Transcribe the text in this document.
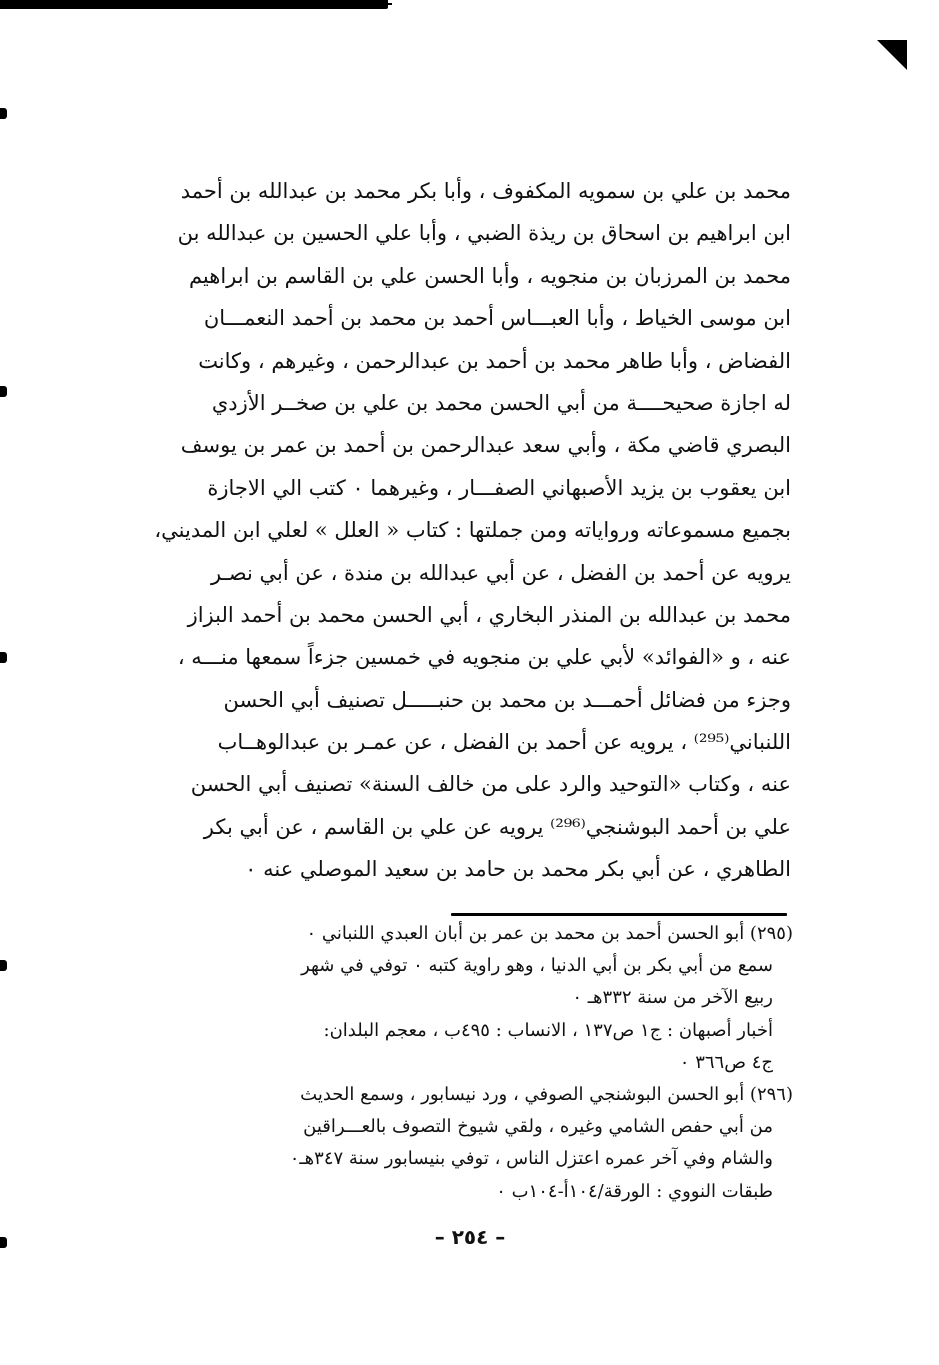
محمد بن علي بن سمويه المكفوف ، وأبا بكر محمد بن عبدالله بن أحمد
ابن ابراهيم بن اسحاق بن ريذة الضبي ، وأبا علي الحسين بن عبدالله بن
محمد بن المرزبان بن منجويه ، وأبا الحسن علي بن القاسم بن ابراهيم
ابن موسى الخياط ، وأبا العبـــاس أحمد بن محمد بن أحمد النعمـــان
الفضاض ، وأبا طاهر محمد بن أحمد بن عبدالرحمن ، وغيرهم ، وكانت
له اجازة صحيحــــة من أبي الحسن محمد بن علي بن صخــر الأزدي
البصري قاضي مكة ، وأبي سعد عبدالرحمن بن أحمد بن عمر بن يوسف
ابن يعقوب بن يزيد الأصبهاني الصفـــار ، وغيرهما ٠ كتب الي الاجازة
بجميع مسموعاته ورواياته ومن جملتها : كتاب « العلل » لعلي ابن المديني،
يرويه عن أحمد بن الفضل ، عن أبي عبدالله بن مندة ، عن أبي نصـر
محمد بن عبدالله بن المنذر البخاري ، أبي الحسن محمد بن أحمد البزاز
عنه ، و «الفوائد» لأبي علي بن منجويه في خمسين جزءاً سمعها منـــه ،
وجزء من فضائل أحمـــد بن محمد بن حنبـــــل تصنيف أبي الحسن
اللنباني⁽²⁹⁵⁾ ، يرويه عن أحمد بن الفضل ، عن عمـر بن عبدالوهــاب
عنه ، وكتاب «التوحيد والرد على من خالف السنة» تصنيف أبي الحسن
علي بن أحمد البوشنجي⁽²⁹⁶⁾ يرويه عن علي بن القاسم ، عن أبي بكر
الطاهري ، عن أبي بكر محمد بن حامد بن سعيد الموصلي عنه ٠
(٢٩٥) أبو الحسن أحمد بن محمد بن عمر بن أبان العبدي اللنباني ٠
سمع من أبي بكر بن أبي الدنيا ، وهو راوية كتبه ٠ توفي في شهر
ربيع الآخر من سنة ٣٣٢هـ ٠
أخبار أصبهان : ج١ ص١٣٧ ، الانساب : ٤٩٥ب ، معجم البلدان:
ج٤ ص٣٦٦ ٠
(٢٩٦) أبو الحسن البوشنجي الصوفي ، ورد نيسابور ، وسمع الحديث
من أبي حفص الشامي وغيره ، ولقي شيوخ التصوف بالعـــراقين
والشام وفي آخر عمره اعتزل الناس ، توفي بنيسابور سنة ٣٤٧هـ٠
طبقات النووي : الورقة/١٠٤أ-١٠٤ب ٠
– ٢٥٤ –
